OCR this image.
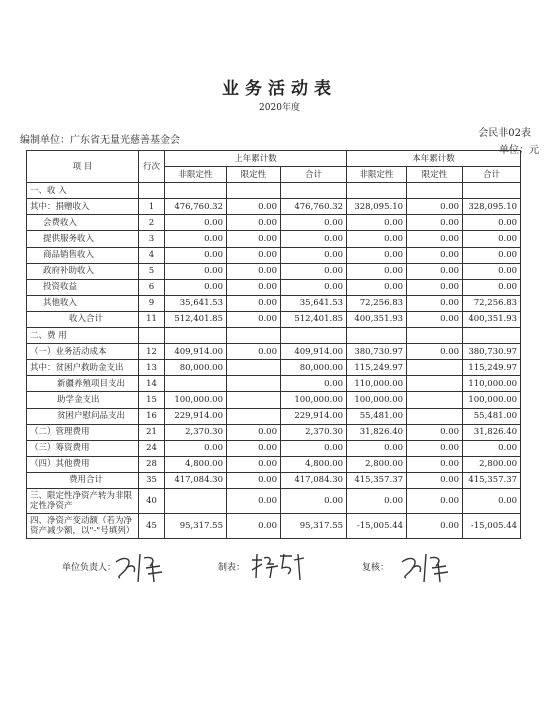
业务活动表
2020年度
会民非02表
编制单位：广东省无量光慈善基金会
单位：元
项 目	行次	上年累计数			本年累计数		
		非限定性	限定性	合计	非限定性	限定性	合计
一、收 入							
其中：捐赠收入	1	476,760.32	0.00	476,760.32	328,095.10	0.00	328,095.10
会费收入	2	0.00	0.00	0.00	0.00	0.00	0.00
提供服务收入	3	0.00	0.00	0.00	0.00	0.00	0.00
商品销售收入	4	0.00	0.00	0.00	0.00	0.00	0.00
政府补助收入	5	0.00	0.00	0.00	0.00	0.00	0.00
投资收益	6	0.00	0.00	0.00	0.00	0.00	0.00
其他收入	9	35,641.53	0.00	35,641.53	72,256.83	0.00	72,256.83
收入合计	11	512,401.85	0.00	512,401.85	400,351.93	0.00	400,351.93
二、费 用							
（一）业务活动成本	12	409,914.00	0.00	409,914.00	380,730.97	0.00	380,730.97
其中：贫困户救助金支出	13	80,000.00		80,000.00	115,249.97		115,249.97
新疆养殖项目支出	14			0.00	110,000.00		110,000.00
助学金支出	15	100,000.00		100,000.00	100,000.00		100,000.00
贫困户慰问品支出	16	229,914.00		229,914.00	55,481.00		55,481.00
（二）管理费用	21	2,370.30	0.00	2,370.30	31,826.40	0.00	31,826.40
（三）筹资费用	24	0.00	0.00	0.00	0.00	0.00	0.00
（四）其他费用	28	4,800.00	0.00	4,800.00	2,800.00	0.00	2,800.00
费用合计	35	417,084.30	0.00	417,084.30	415,357.37	0.00	415,357.37
三、限定性净资产转为非限定性净资产	40		0.00	0.00	0.00	0.00	0.00
四、净资产变动额（若为净资产减少额，以"-"号填列）	45	95,317.55	0.00	95,317.55	-15,005.44	0.00	-15,005.44
单位负责人：	制表：	复核：
